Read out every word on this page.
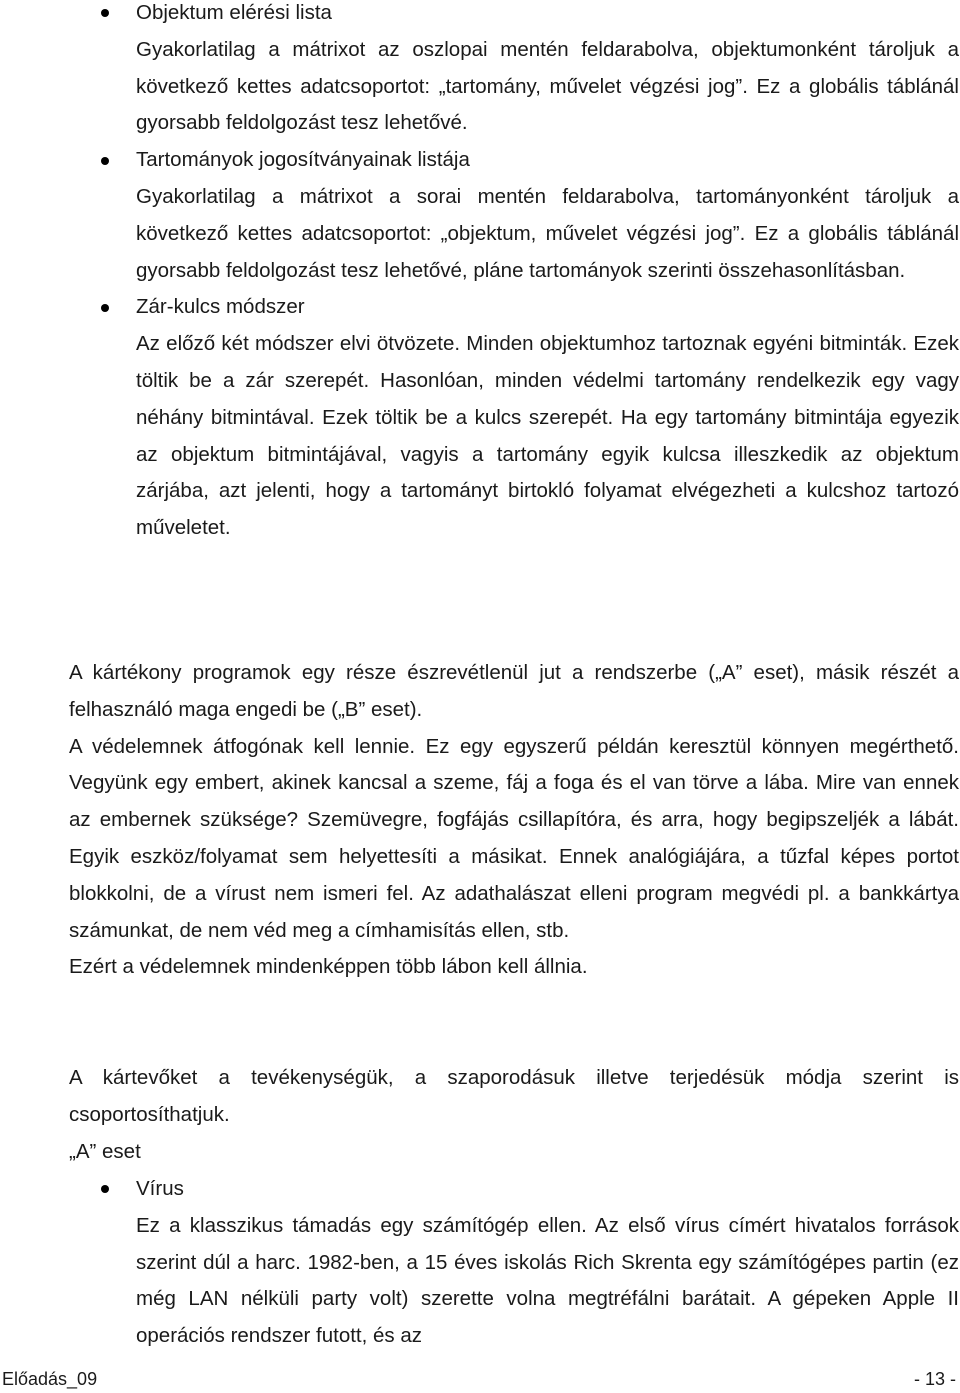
Objektum elérési lista
Gyakorlatilag a mátrixot az oszlopai mentén feldarabolva, objektumonként tároljuk a következő kettes adatcsoportot: „tartomány, művelet végzési jog”. Ez a globális táblánál gyorsabb feldolgozást tesz lehetővé.
Tartományok jogosítványainak listája
Gyakorlatilag a mátrixot a sorai mentén feldarabolva, tartományonként tároljuk a következő kettes adatcsoportot: „objektum, művelet végzési jog”. Ez a globális táblánál gyorsabb feldolgozást tesz lehetővé, pláne tartományok szerinti összehasonlításban.
Zár-kulcs módszer
Az előző két módszer elvi ötvözete. Minden objektumhoz tartoznak egyéni bitminták. Ezek töltik be a zár szerepét. Hasonlóan, minden védelmi tartomány rendelkezik egy vagy néhány bitmintával. Ezek töltik be a kulcs szerepét. Ha egy tartomány bitmintája egyezik az objektum bitmintájával, vagyis a tartomány egyik kulcsa illeszkedik az objektum zárjába, azt jelenti, hogy a tartományt birtokló folyamat elvégezheti a kulcshoz tartozó műveletet.

A kártékony programok egy része észrevétlenül jut a rendszerbe („A” eset), másik részét a felhasználó maga engedi be („B” eset).

A védelemnek átfogónak kell lennie. Ez egy egyszerű példán keresztül könnyen megérthető. Vegyünk egy embert, akinek kancsal a szeme, fáj a foga és el van törve a lába. Mire van ennek az embernek szüksége? Szemüvegre, fogfájás csillapítóra, és arra, hogy begipszeljék a lábát. Egyik eszköz/folyamat sem helyettesíti a másikat. Ennek analógiájára, a tűzfal képes portot blokkolni, de a vírust nem ismeri fel. Az adathalászat elleni program megvédi pl. a bankkártya számunkat, de nem véd meg a címhamisítás ellen, stb.

Ezért a védelemnek mindenképpen több lábon kell állnia.

A kártevőket a tevékenységük, a szaporodásuk illetve terjedésük módja szerint is csoportosíthatjuk.

„A” eset

Vírus
Ez a klasszikus támadás egy számítógép ellen. Az első vírus címért hivatalos források szerint dúl a harc. 1982-ben, a 15 éves iskolás Rich Skrenta egy számítógépes partin (ez még LAN nélküli party volt) szerette volna megtréfálni barátait. A gépeken Apple II operációs rendszer futott, és az
Előadás_09	- 13 -
